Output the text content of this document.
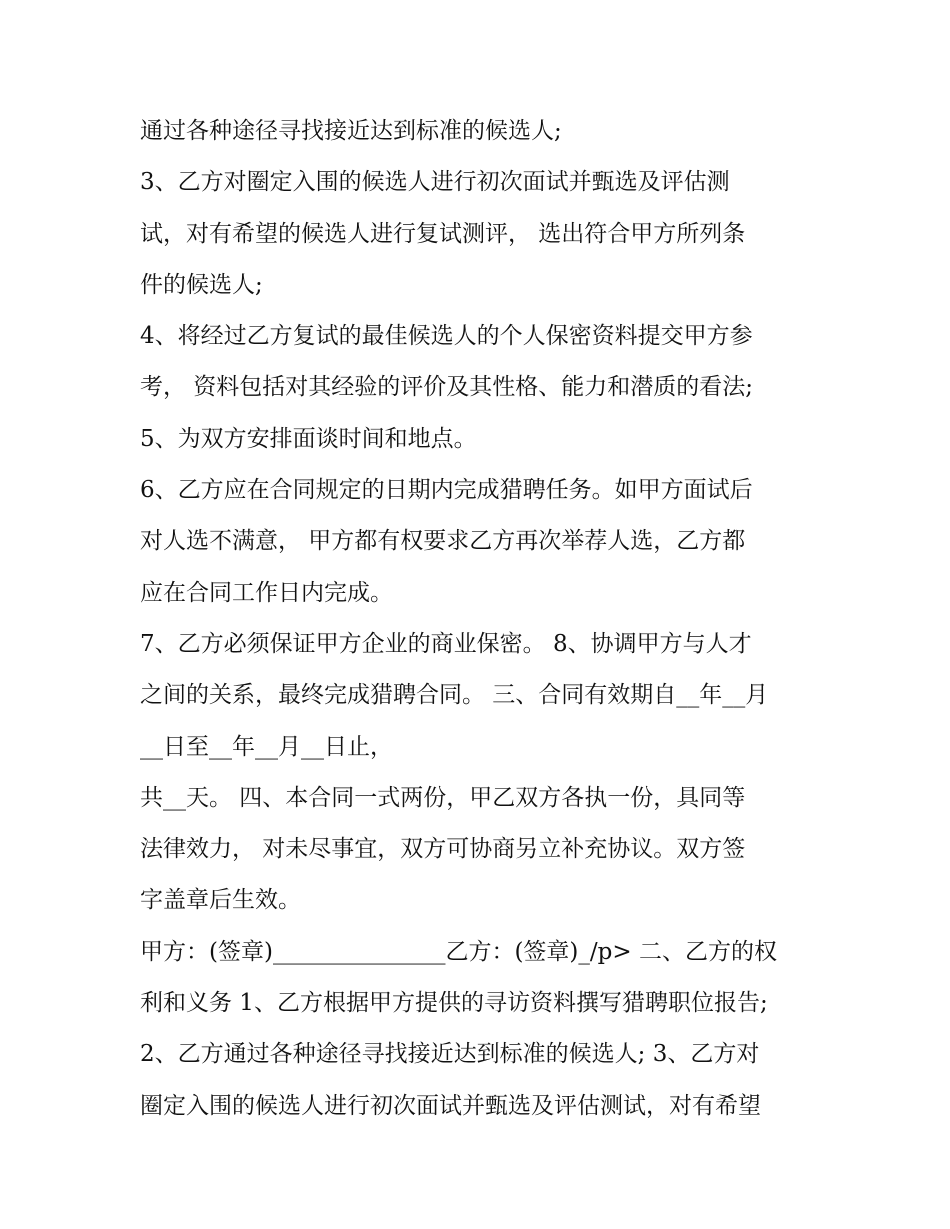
通过各种途径寻找接近达到标准的候选人;
3、乙方对圈定入围的候选人进行初次面试并甄选及评估测
试，对有希望的候选人进行复试测评， 选出符合甲方所列条
件的候选人;
4、将经过乙方复试的最佳候选人的个人保密资料提交甲方参
考， 资料包括对其经验的评价及其性格、能力和潜质的看法;
5、为双方安排面谈时间和地点。
6、乙方应在合同规定的日期内完成猎聘任务。如甲方面试后
对人选不满意， 甲方都有权要求乙方再次举荐人选，乙方都
应在合同工作日内完成。
7、乙方必须保证甲方企业的商业保密。 8、协调甲方与人才
之间的关系，最终完成猎聘合同。 三、合同有效期自__年__月
__日至__年__月__日止，
共__天。 四、本合同一式两份，甲乙双方各执一份，具同等
法律效力， 对未尽事宜，双方可协商另立补充协议。双方签
字盖章后生效。
甲方：(签章)_______________乙方：(签章)_/p> 二、乙方的权
利和义务 1、乙方根据甲方提供的寻访资料撰写猎聘职位报告;
2、乙方通过各种途径寻找接近达到标准的候选人; 3、乙方对
圈定入围的候选人进行初次面试并甄选及评估测试，对有希望
